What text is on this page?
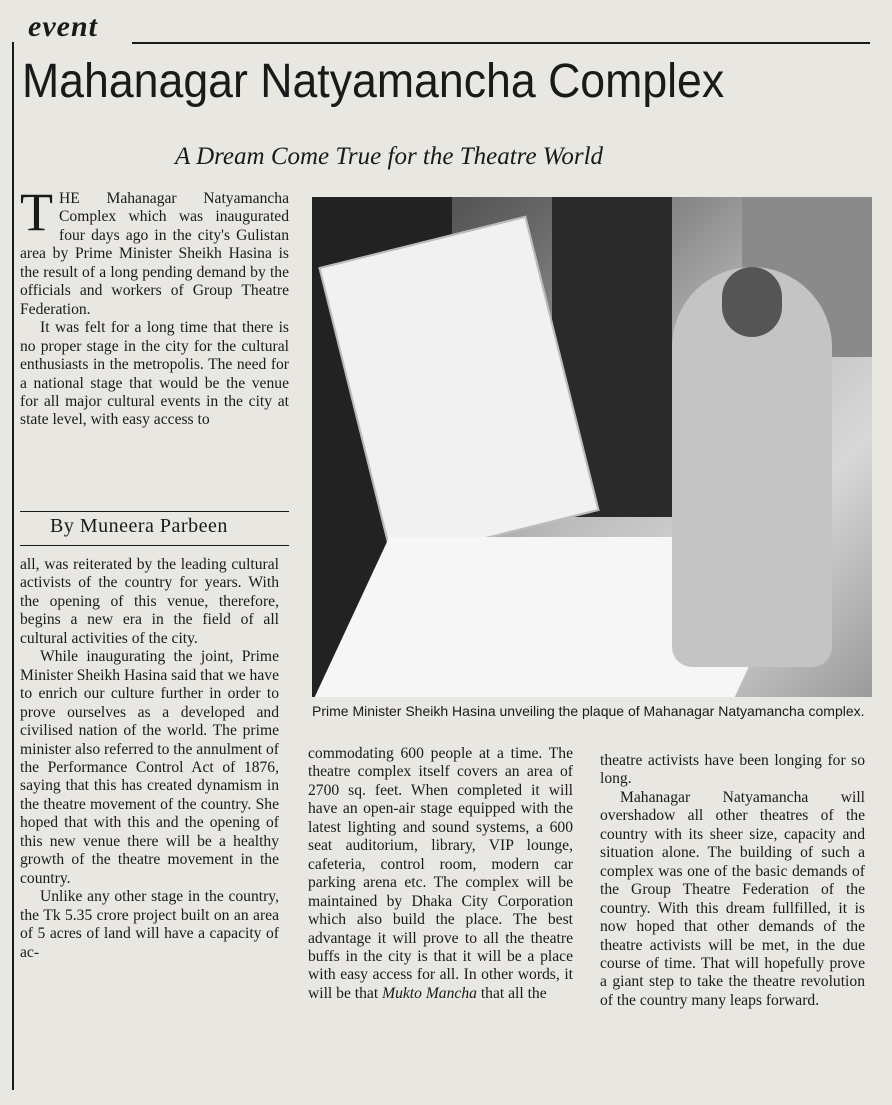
event
Mahanagar Natyamancha Complex
A Dream Come True for the Theatre World

THE Mahanagar Natyamancha Complex which was inaugurated four days ago in the city's Gulistan area by Prime Minister Sheikh Hasina is the result of a long pending demand by the officials and workers of Group Theatre Federation.

It was felt for a long time that there is no proper stage in the city for the cultural enthusiasts in the metropolis. The need for a national stage that would be the venue for all major cultural events in the city at state level, with easy access to

By Muneera Parbeen

all, was reiterated by the leading cultural activists of the country for years. With the opening of this venue, therefore, begins a new era in the field of all cultural activities of the city.

While inaugurating the joint, Prime Minister Sheikh Hasina said that we have to enrich our culture further in order to prove ourselves as a developed and civilised nation of the world. The prime minister also referred to the annulment of the Performance Control Act of 1876, saying that this has created dynamism in the theatre movement of the country. She hoped that with this and the opening of this new venue there will be a healthy growth of the theatre movement in the country.

Unlike any other stage in the country, the Tk 5.35 crore project built on an area of 5 acres of land will have a capacity of ac-

Prime Minister Sheikh Hasina unveiling the plaque of Mahanagar Natyamancha complex.

commodating 600 people at a time. The theatre complex itself covers an area of 2700 sq. feet. When completed it will have an open-air stage equipped with the latest lighting and sound systems, a 600 seat auditorium, library, VIP lounge, cafeteria, control room, modern car parking arena etc. The complex will be maintained by Dhaka City Corporation which also build the place. The best advantage it will prove to all the theatre buffs in the city is that it will be a place with easy access for all. In other words, it will be that Mukto Mancha that all the

theatre activists have been longing for so long.

Mahanagar Natyamancha will overshadow all other theatres of the country with its sheer size, capacity and situation alone. The building of such a complex was one of the basic demands of the Group Theatre Federation of the country. With this dream fullfilled, it is now hoped that other demands of the theatre activists will be met, in the due course of time. That will hopefully prove a giant step to take the theatre revolution of the country many leaps forward.
